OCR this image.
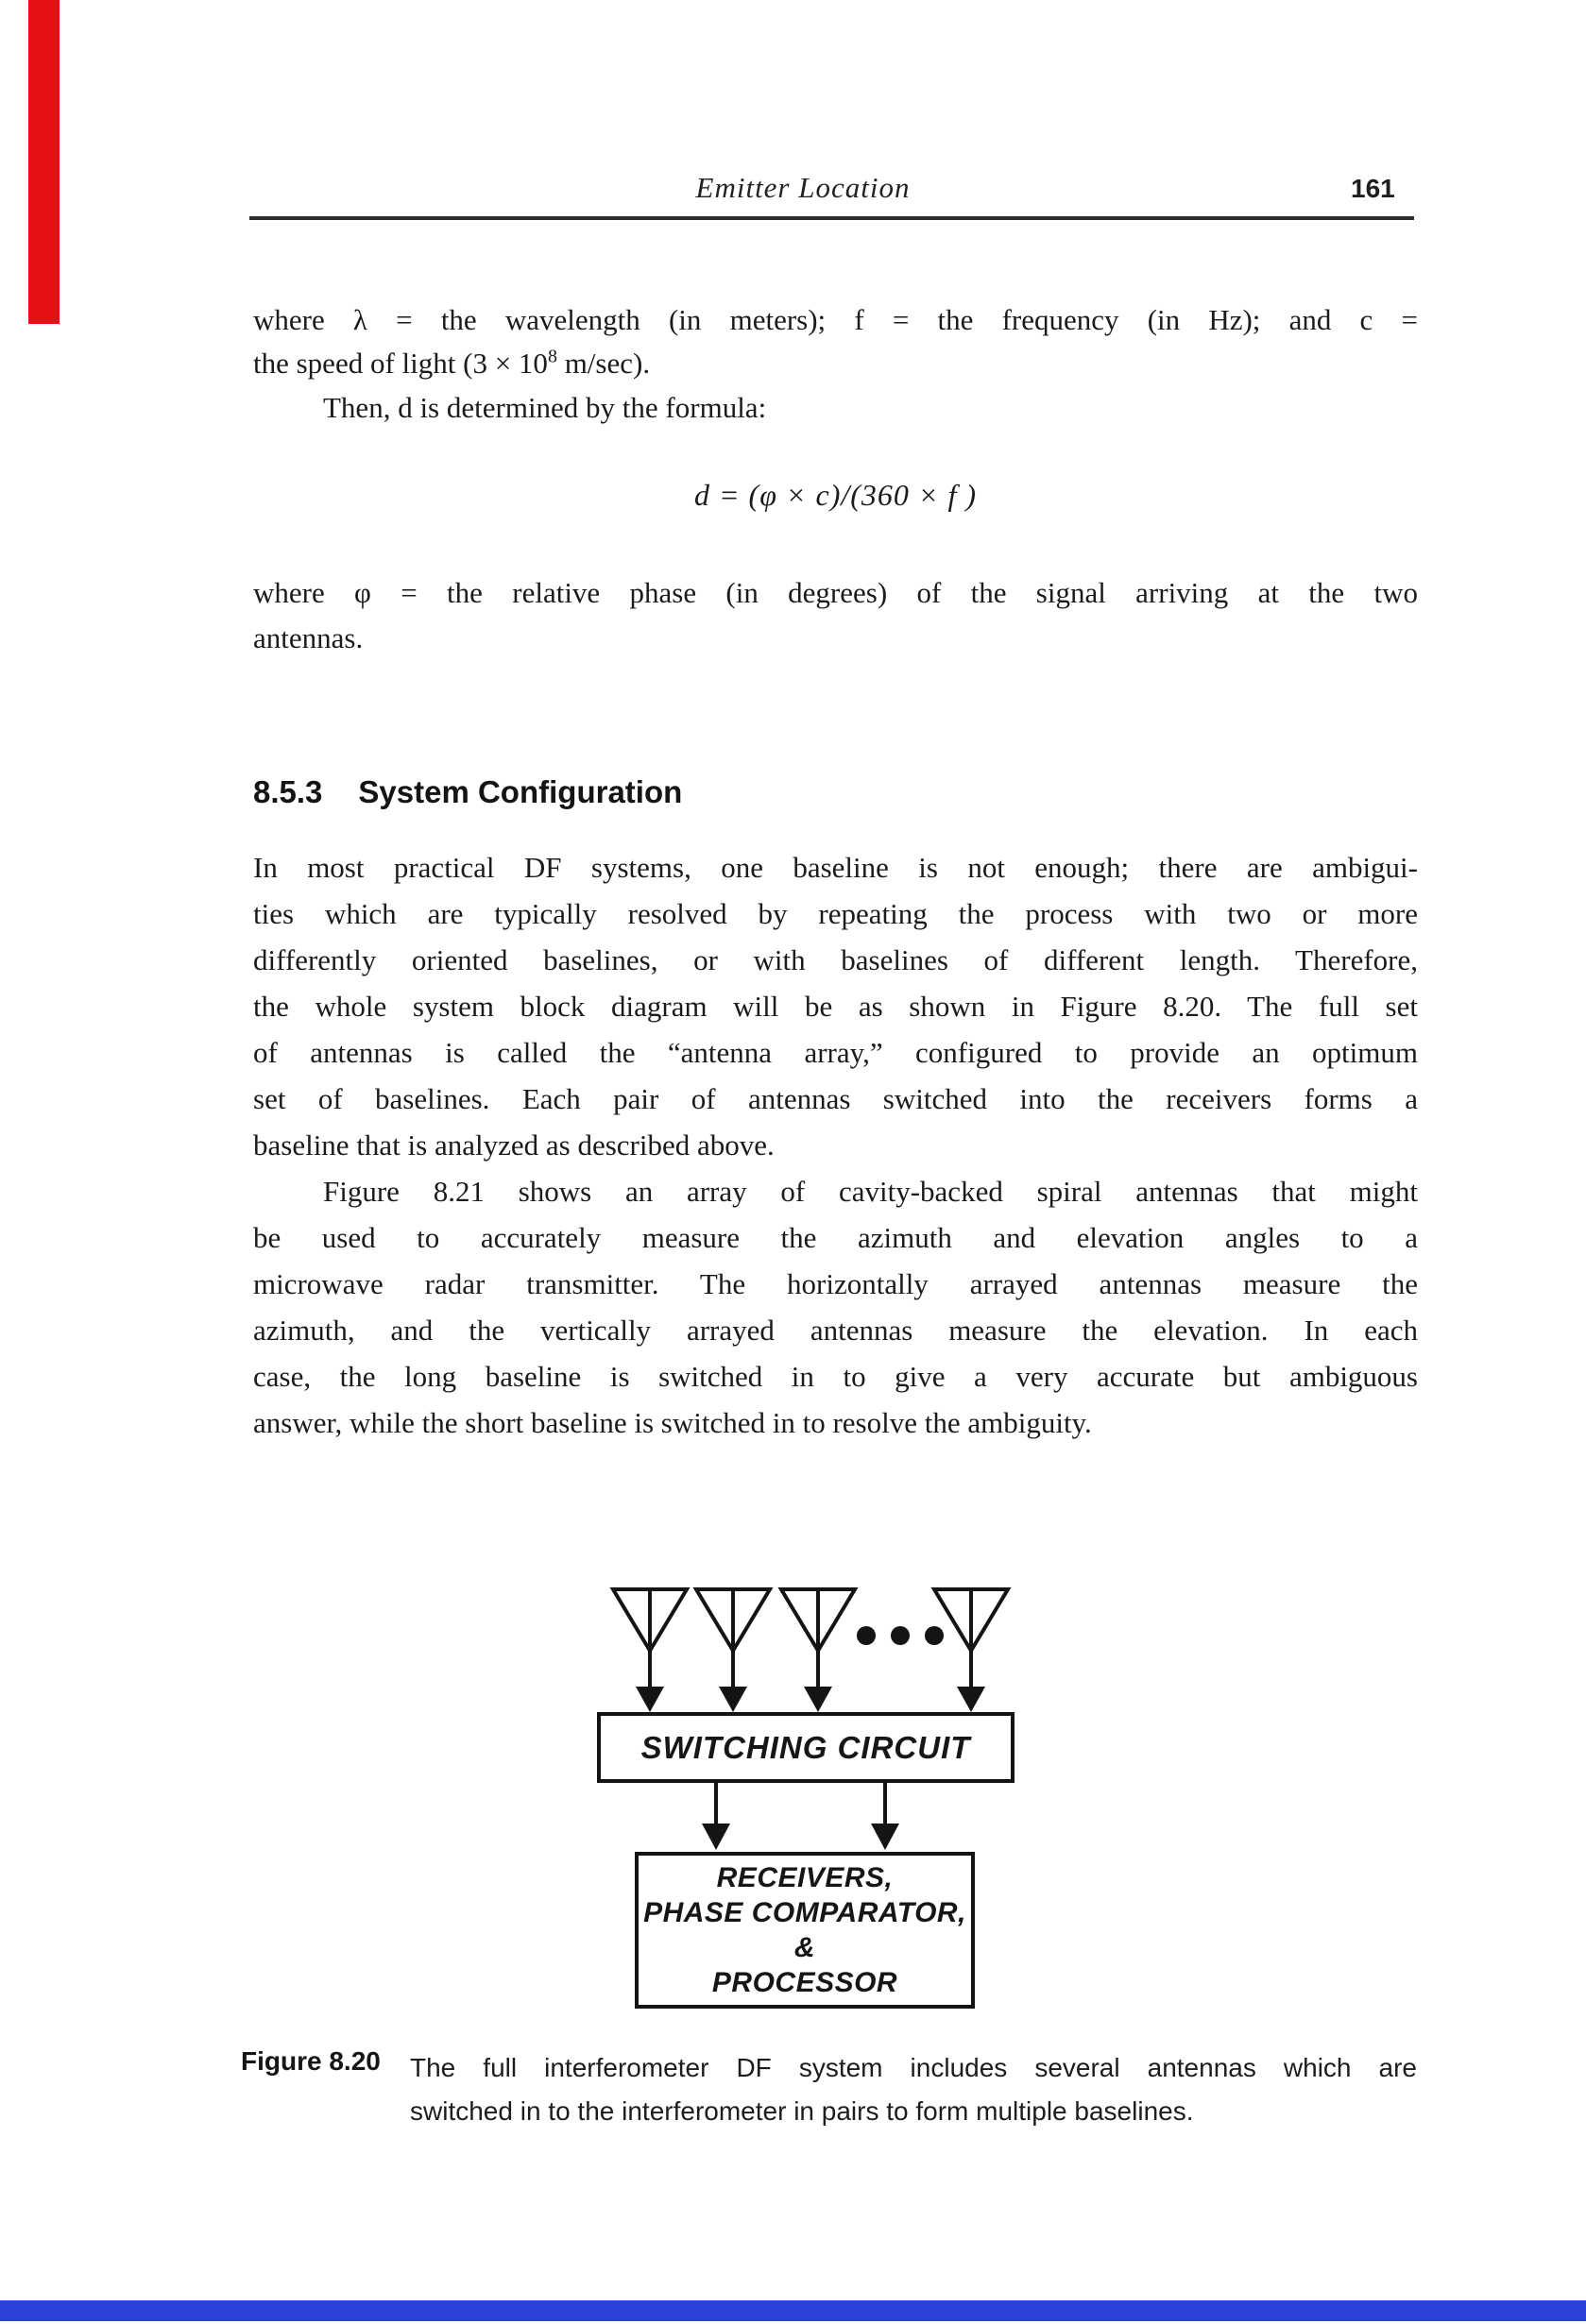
Emitter Location	161
where λ = the wavelength (in meters); f = the frequency (in Hz); and c =
the speed of light ($3 \times 10^8$ m/sec).
Then, d is determined by the formula:
d = (φ × c)/(360 × f )
where φ = the relative phase (in degrees) of the signal arriving at the two
antennas.
8.5.3 System Configuration
In most practical DF systems, one baseline is not enough; there are ambigui-
ties which are typically resolved by repeating the process with two or more
differently oriented baselines, or with baselines of different length. Therefore,
the whole system block diagram will be as shown in Figure 8.20. The full set
of antennas is called the “antenna array,” configured to provide an optimum
set of baselines. Each pair of antennas switched into the receivers forms a
baseline that is analyzed as described above.
Figure 8.21 shows an array of cavity-backed spiral antennas that might
be used to accurately measure the azimuth and elevation angles to a
microwave radar transmitter. The horizontally arrayed antennas measure the
azimuth, and the vertically arrayed antennas measure the elevation. In each
case, the long baseline is switched in to give a very accurate but ambiguous
answer, while the short baseline is switched in to resolve the ambiguity.
SWITCHING CIRCUIT
RECEIVERS,
PHASE COMPARATOR,
&
PROCESSOR
Figure 8.20 The full interferometer DF system includes several antennas which are
switched in to the interferometer in pairs to form multiple baselines.
